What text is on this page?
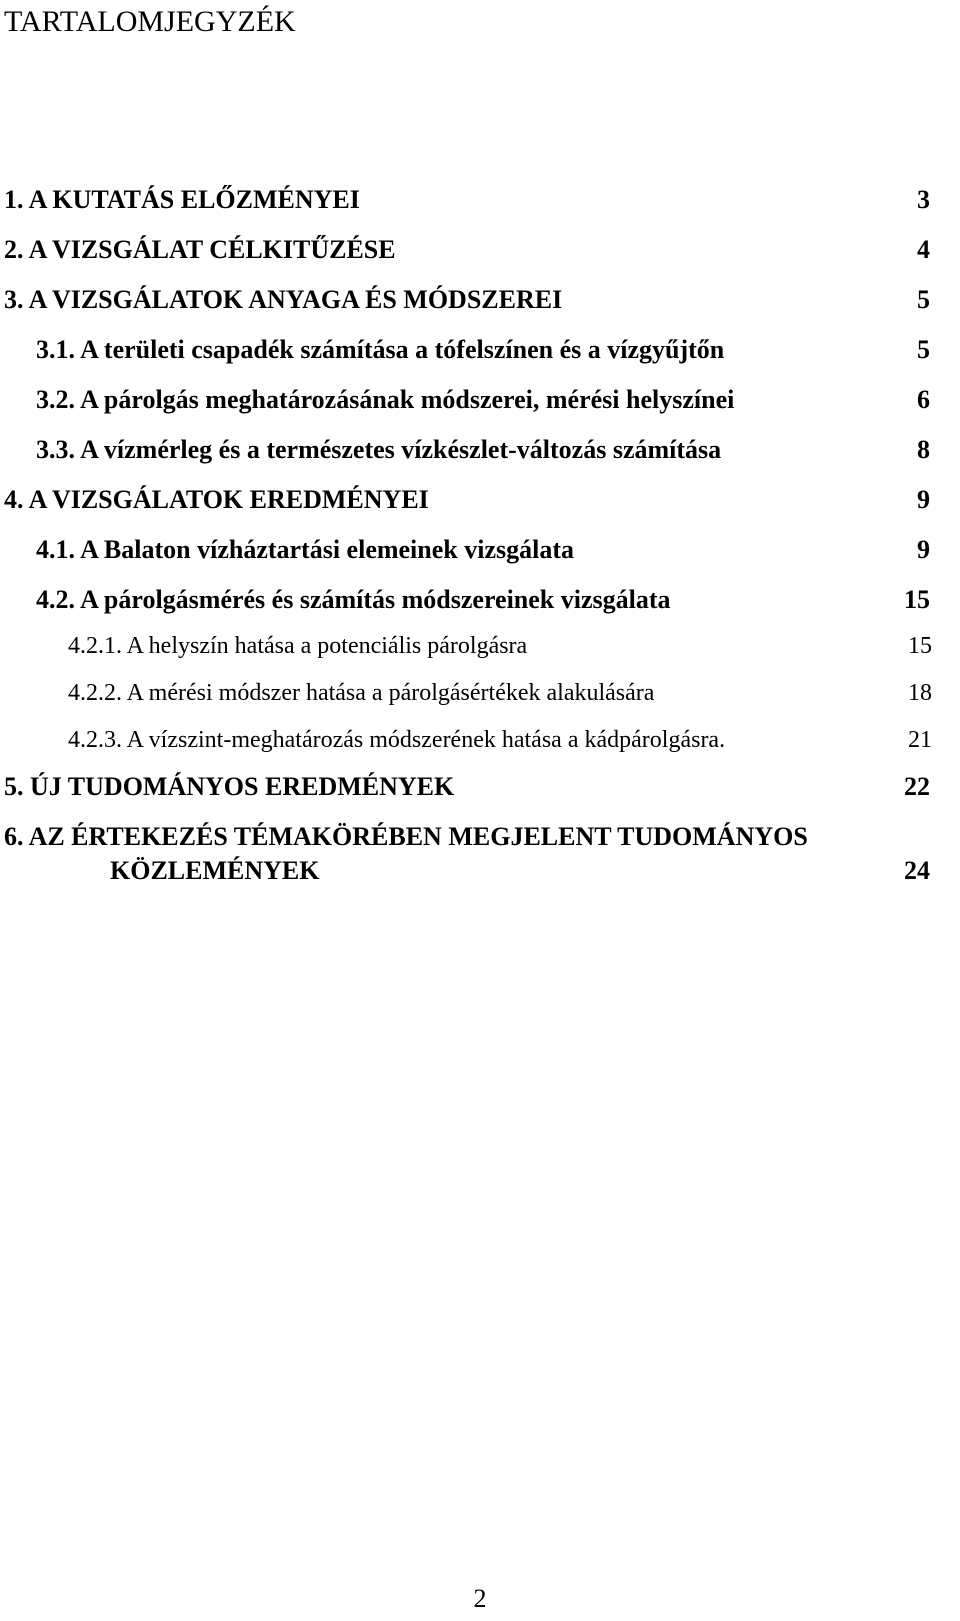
TARTALOMJEGYZÉK
1. A KUTATÁS ELŐZMÉNYEI	3
2. A VIZSGÁLAT CÉLKITŰZÉSE	4
3. A VIZSGÁLATOK ANYAGA ÉS MÓDSZEREI	5
3.1. A területi csapadék számítása a tófelszínen és a vízgyűjtőn	5
3.2. A párolgás meghatározásának módszerei, mérési helyszínei	6
3.3. A vízmérleg és a természetes vízkészlet-változás számítása	8
4. A VIZSGÁLATOK EREDMÉNYEI	9
4.1. A Balaton vízháztartási elemeinek vizsgálata	9
4.2. A párolgásmérés és számítás módszereinek vizsgálata	15
4.2.1. A helyszín hatása a potenciális párolgásra	15
4.2.2. A mérési módszer hatása a párolgásértékek alakulására	18
4.2.3. A vízszint-meghatározás módszerének hatása a kádpárolgásra.	21
5. ÚJ TUDOMÁNYOS EREDMÉNYEK	22
6. AZ ÉRTEKEZÉS TÉMAKÖRÉBEN MEGJELENT TUDOMÁNYOS
KÖZLEMÉNYEK	24
2
